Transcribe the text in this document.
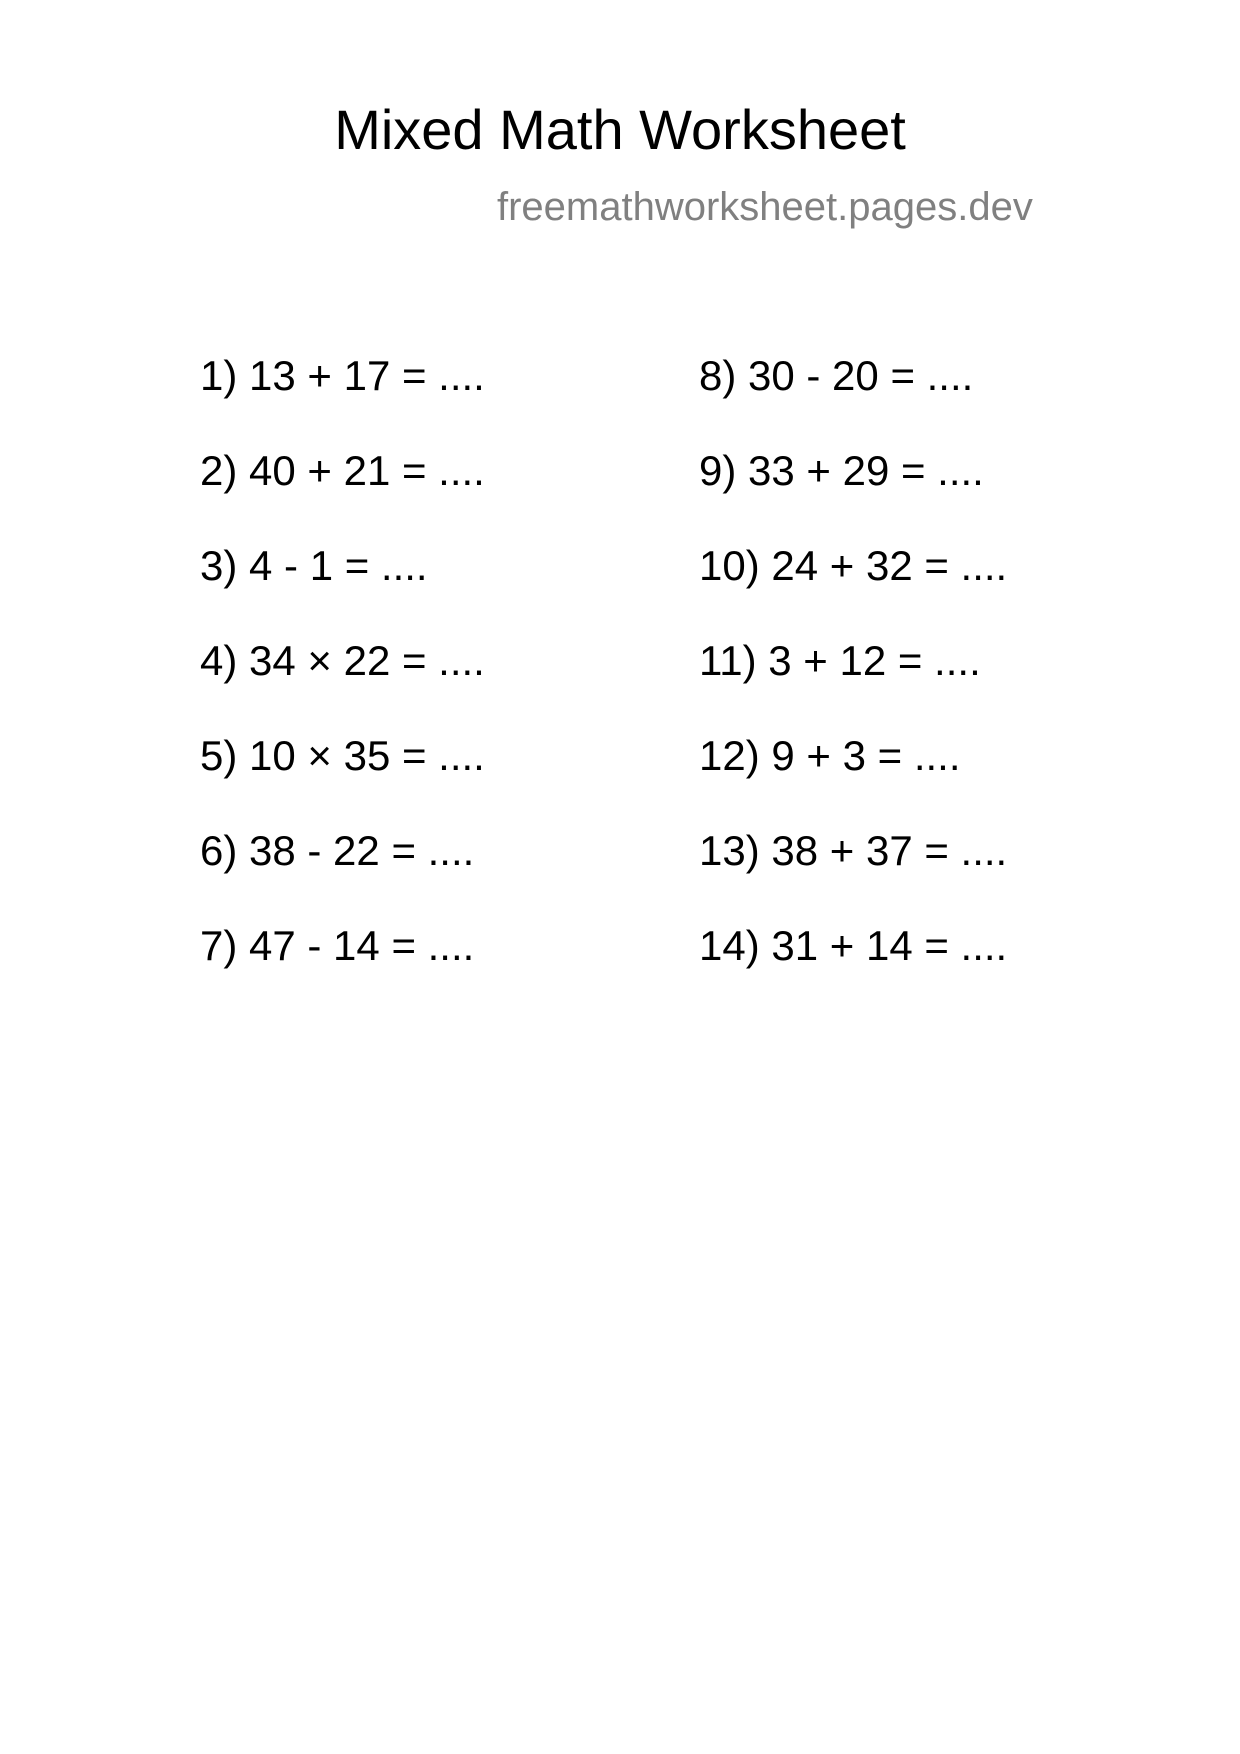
Mixed Math Worksheet
freemathworksheet.pages.dev
1) 13 + 17 = ....
2) 40 + 21 = ....
3) 4 - 1 = ....
4) 34 × 22 = ....
5) 10 × 35 = ....
6) 38 - 22 = ....
7) 47 - 14 = ....
8) 30 - 20 = ....
9) 33 + 29 = ....
10) 24 + 32 = ....
11) 3 + 12 = ....
12) 9 + 3 = ....
13) 38 + 37 = ....
14) 31 + 14 = ....
